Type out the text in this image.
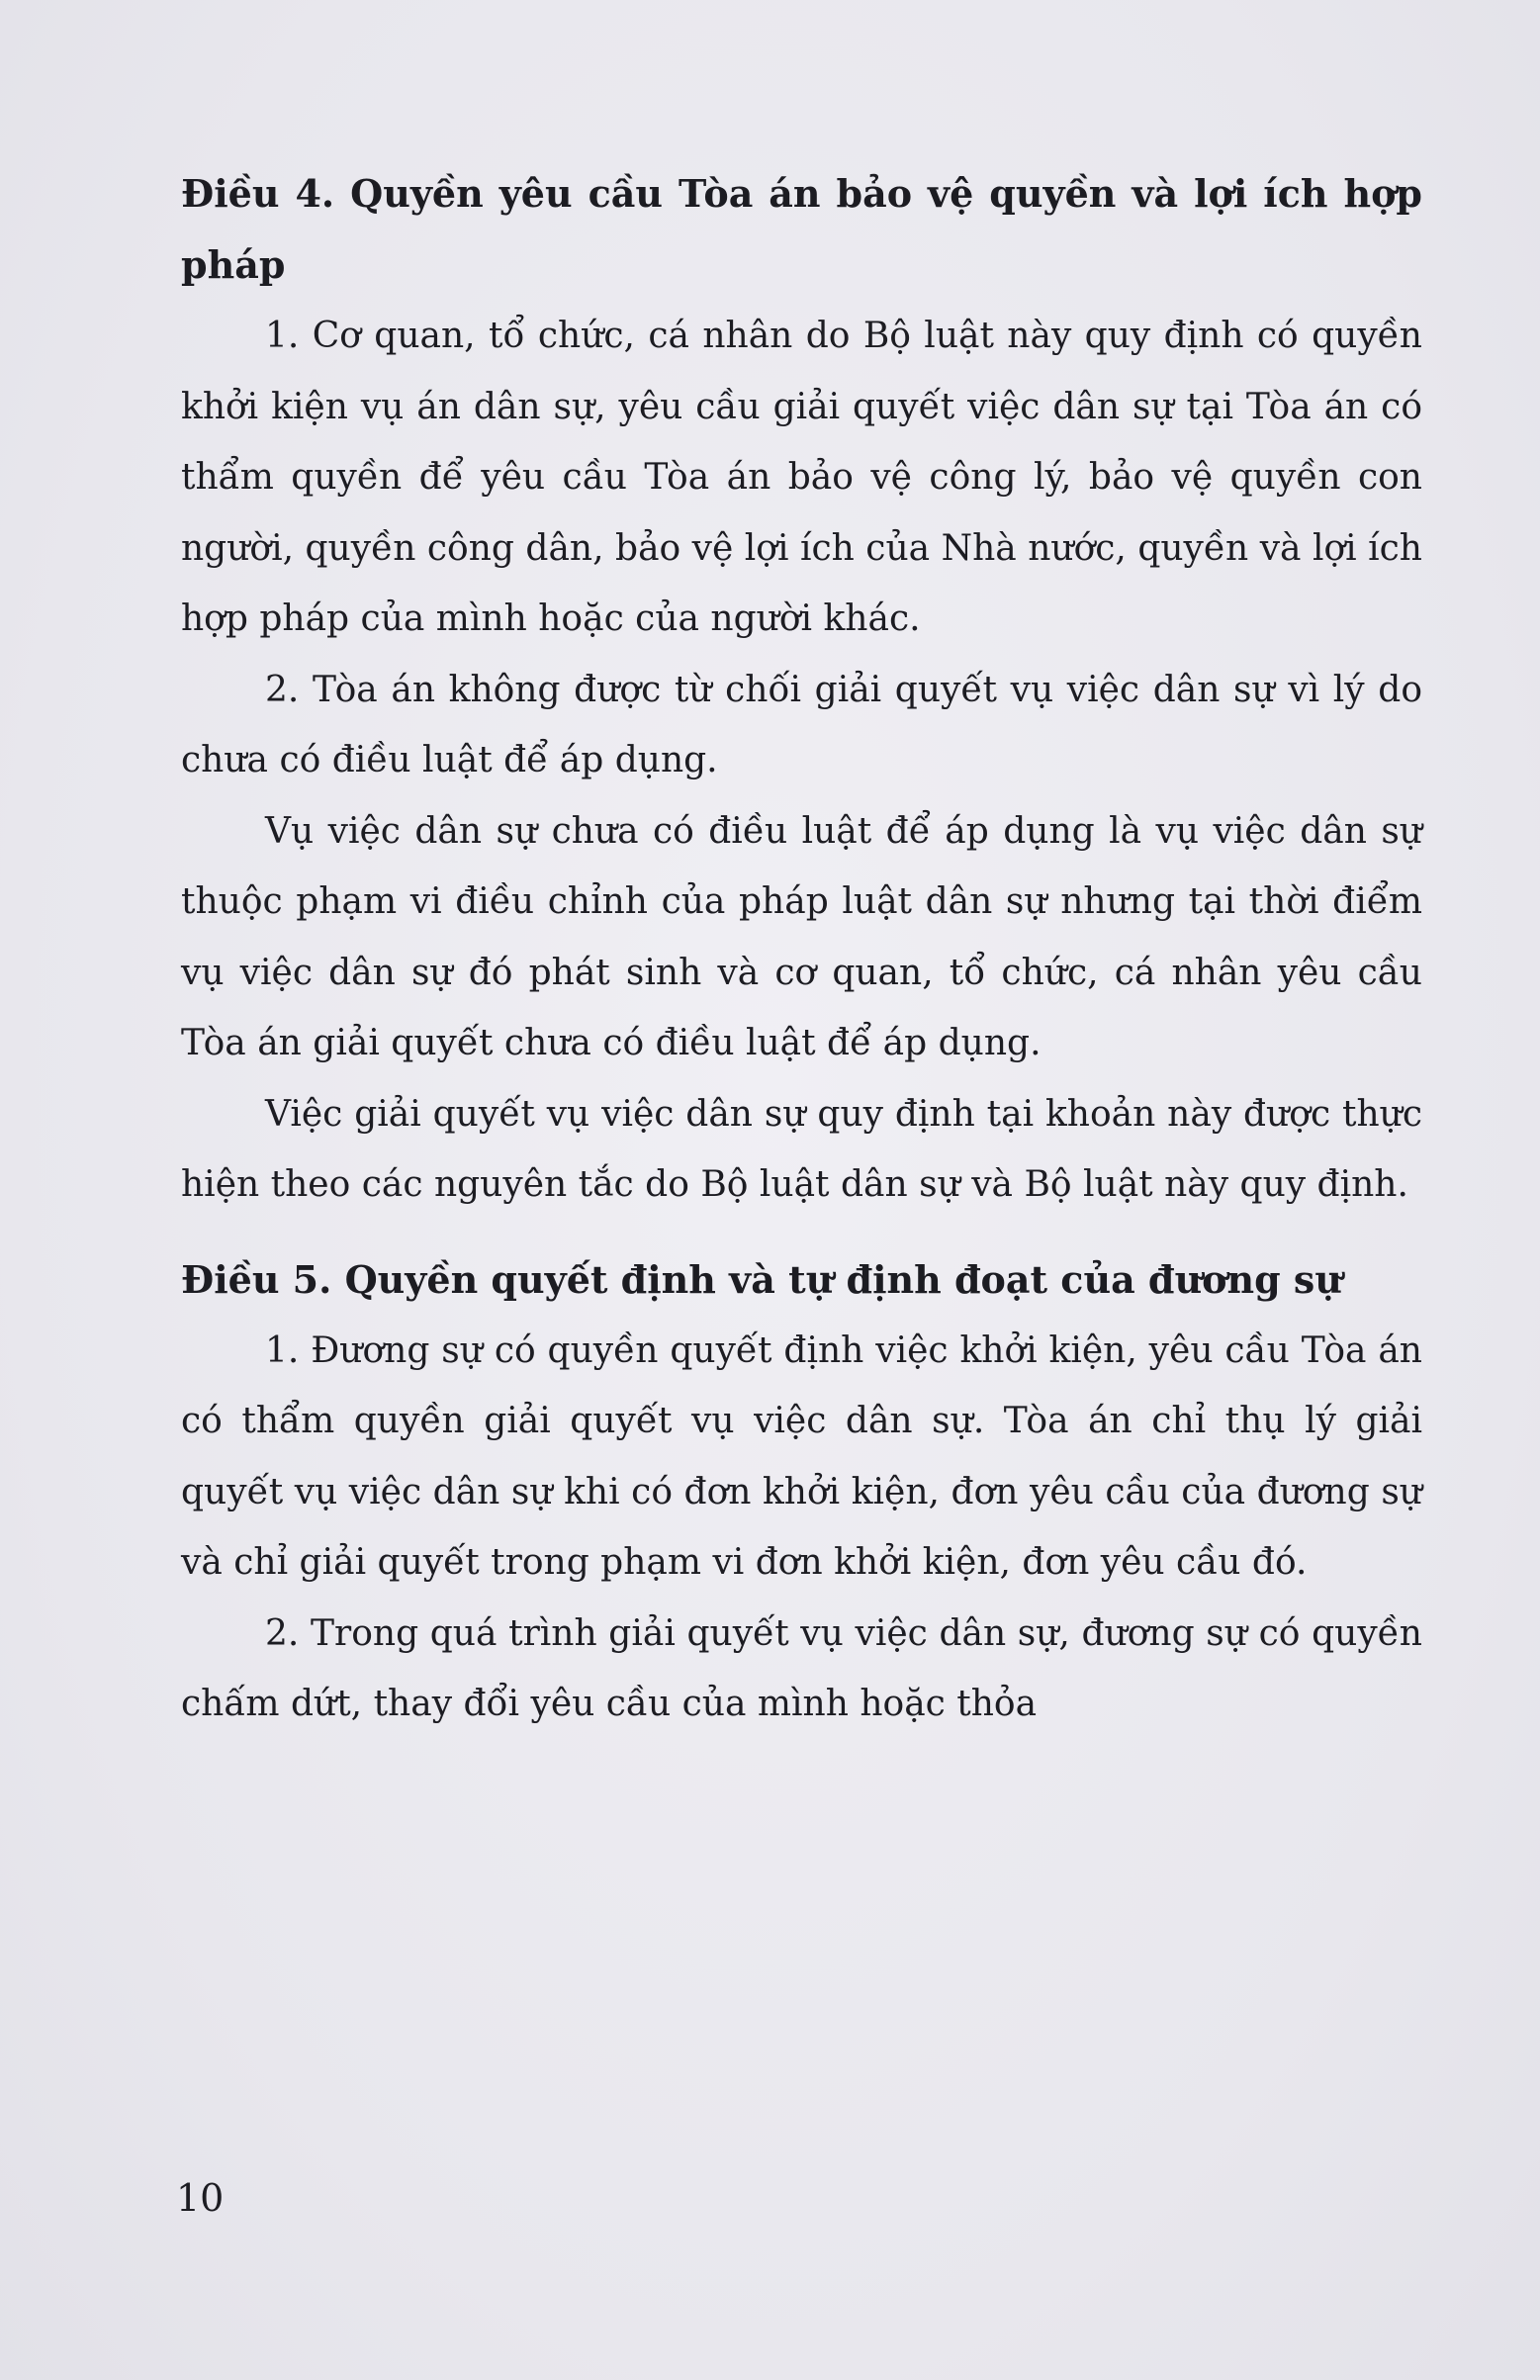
Điều 4. Quyền yêu cầu Tòa án bảo vệ quyền và lợi ích hợp pháp

1. Cơ quan, tổ chức, cá nhân do Bộ luật này quy định có quyền khởi kiện vụ án dân sự, yêu cầu giải quyết việc dân sự tại Tòa án có thẩm quyền để yêu cầu Tòa án bảo vệ công lý, bảo vệ quyền con người, quyền công dân, bảo vệ lợi ích của Nhà nước, quyền và lợi ích hợp pháp của mình hoặc của người khác.

2. Tòa án không được từ chối giải quyết vụ việc dân sự vì lý do chưa có điều luật để áp dụng.

Vụ việc dân sự chưa có điều luật để áp dụng là vụ việc dân sự thuộc phạm vi điều chỉnh của pháp luật dân sự nhưng tại thời điểm vụ việc dân sự đó phát sinh và cơ quan, tổ chức, cá nhân yêu cầu Tòa án giải quyết chưa có điều luật để áp dụng.

Việc giải quyết vụ việc dân sự quy định tại khoản này được thực hiện theo các nguyên tắc do Bộ luật dân sự và Bộ luật này quy định.

Điều 5. Quyền quyết định và tự định đoạt của đương sự

1. Đương sự có quyền quyết định việc khởi kiện, yêu cầu Tòa án có thẩm quyền giải quyết vụ việc dân sự. Tòa án chỉ thụ lý giải quyết vụ việc dân sự khi có đơn khởi kiện, đơn yêu cầu của đương sự và chỉ giải quyết trong phạm vi đơn khởi kiện, đơn yêu cầu đó.

2. Trong quá trình giải quyết vụ việc dân sự, đương sự có quyền chấm dứt, thay đổi yêu cầu của mình hoặc thỏa

10
